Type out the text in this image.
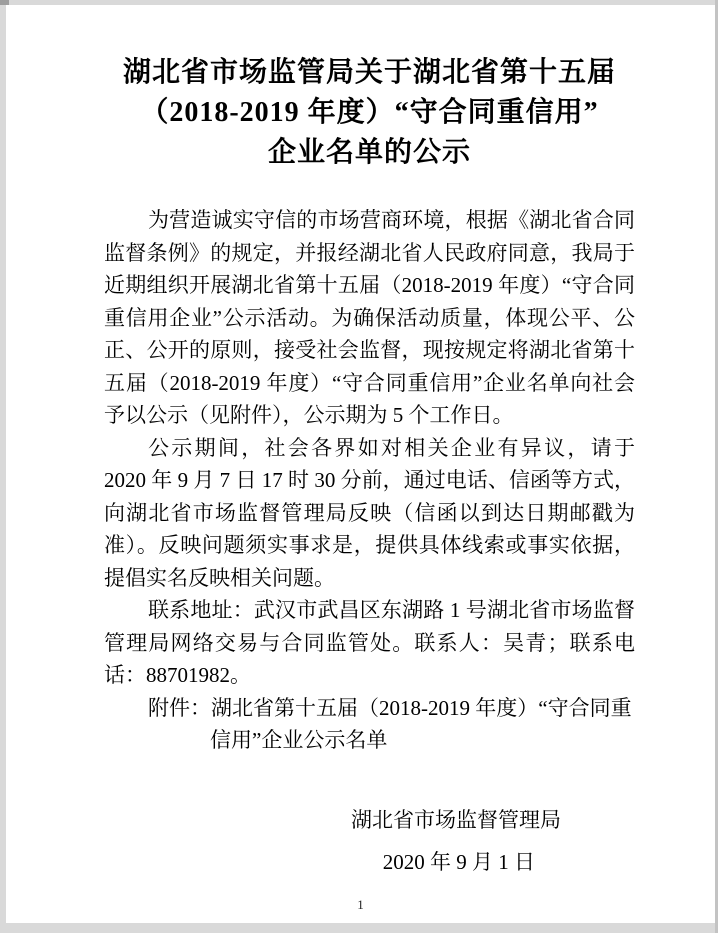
湖北省市场监管局关于湖北省第十五届
（2018-2019 年度）“守合同重信用”
企业名单的公示

为营造诚实守信的市场营商环境，根据《湖北省合同监督条例》的规定，并报经湖北省人民政府同意，我局于近期组织开展湖北省第十五届（2018-2019 年度）“守合同重信用企业”公示活动。为确保活动质量，体现公平、公正、公开的原则，接受社会监督，现按规定将湖北省第十五届（2018-2019 年度）“守合同重信用”企业名单向社会予以公示（见附件），公示期为 5 个工作日。

公示期间，社会各界如对相关企业有异议，请于 2020 年 9 月 7 日 17 时 30 分前，通过电话、信函等方式，向湖北省市场监督管理局反映（信函以到达日期邮戳为准）。反映问题须实事求是，提供具体线索或事实依据，提倡实名反映相关问题。

联系地址：武汉市武昌区东湖路 1 号湖北省市场监督管理局网络交易与合同监管处。联系人：吴青；联系电话：88701982。

附件：湖北省第十五届（2018-2019 年度）“守合同重信用”企业公示名单

湖北省市场监督管理局
2020 年 9 月 1 日
1
